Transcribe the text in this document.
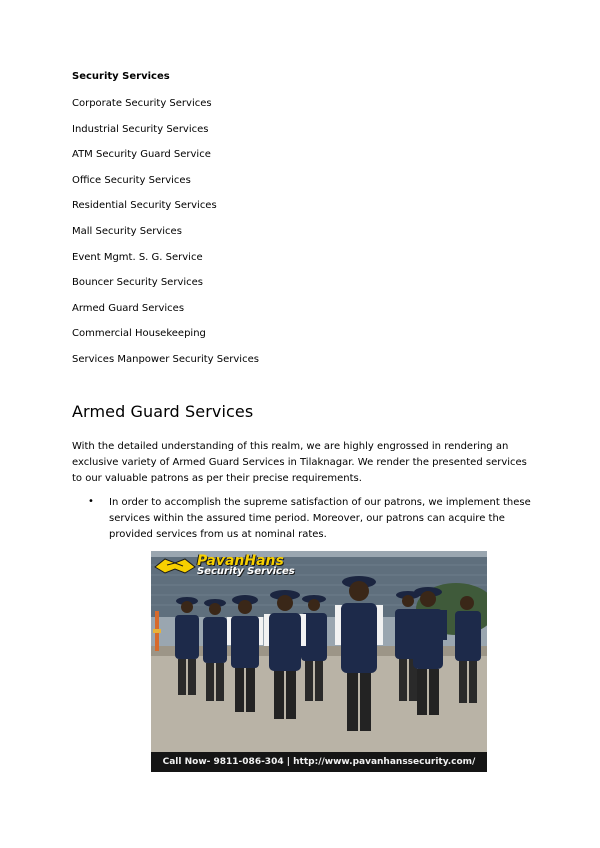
Security Services
Corporate Security Services
Industrial Security Services
ATM Security Guard Service
Office Security Services
Residential Security Services
Mall Security Services
Event Mgmt. S. G. Service
Bouncer Security Services
Armed Guard Services
Commercial Housekeeping
Services Manpower Security Services
Armed Guard Services

With the detailed understanding of this realm, we are highly engrossed in rendering an exclusive variety of Armed Guard Services in Tilaknagar. We render the presented services to our valuable patrons as per their precise requirements.

• In order to accomplish the supreme satisfaction of our patrons, we implement these services within the assured time period. Moreover, our patrons can acquire the provided services from us at nominal rates.

PavanHans
Security Services
Call Now- 9811-086-304 | http://www.pavanhanssecurity.com/
